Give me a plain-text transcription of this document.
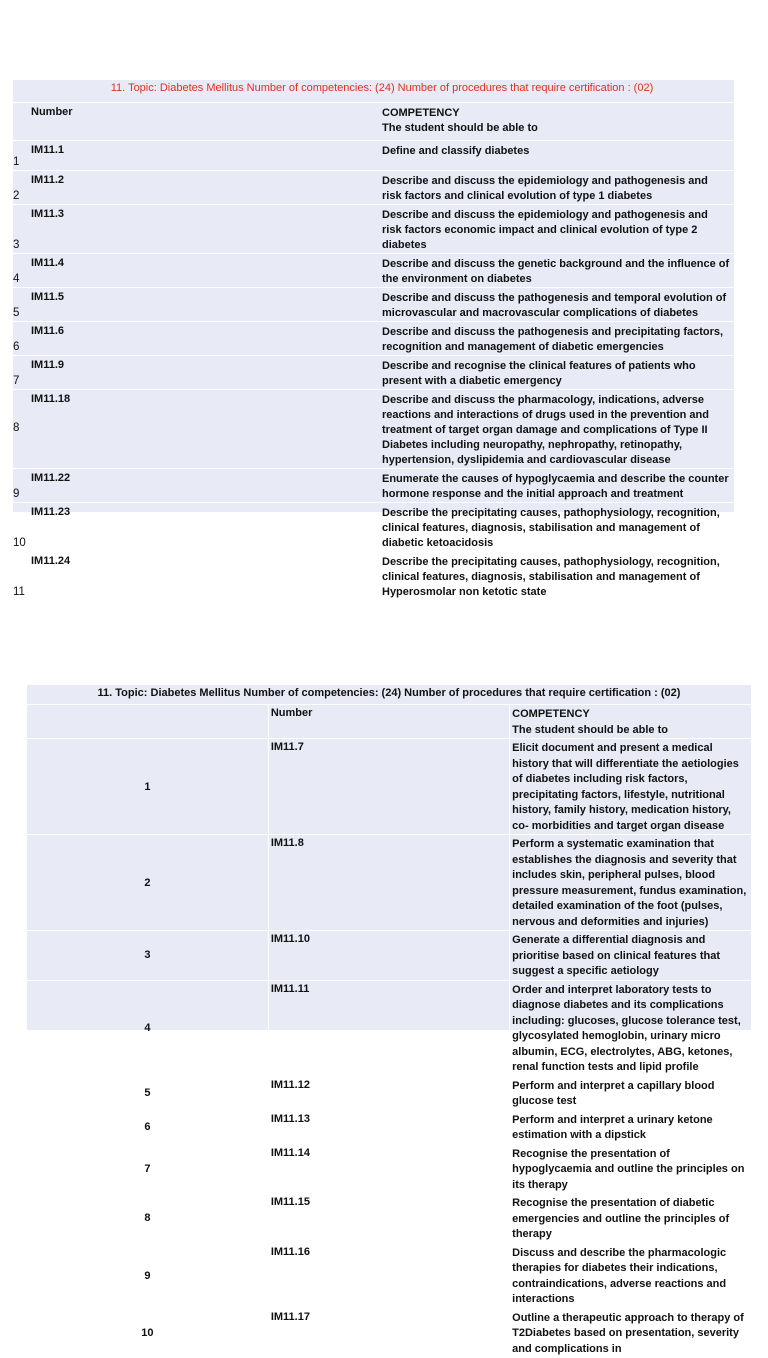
	11. Topic: Diabetes Mellitus Number of competencies: (24) Number of procedures that require certification : (02)	
	Number	COMPETENCY
The student should be able to
1	IM11.1	Define and classify diabetes
2	IM11.2	Describe and discuss the epidemiology and pathogenesis and risk factors and clinical evolution of type 1 diabetes
3	IM11.3	Describe and discuss the epidemiology and pathogenesis and risk factors economic impact and clinical evolution of type 2 diabetes
4	IM11.4	Describe and discuss the genetic background and the influence of the environment on diabetes
5	IM11.5	Describe and discuss the pathogenesis and temporal evolution of microvascular and macrovascular complications of diabetes
6	IM11.6	Describe and discuss the pathogenesis and precipitating factors, recognition and management of diabetic emergencies
7	IM11.9	Describe and recognise the clinical features of patients who present with a diabetic emergency
8	IM11.18	Describe and discuss the pharmacology, indications, adverse reactions and interactions of drugs used in the prevention and treatment of target organ damage and complications of Type II Diabetes including neuropathy, nephropathy, retinopathy, hypertension, dyslipidemia and cardiovascular disease
9	IM11.22	Enumerate the causes of hypoglycaemia and describe the counter hormone response and the initial approach and treatment
10	IM11.23	Describe the precipitating causes, pathophysiology, recognition, clinical features, diagnosis, stabilisation and management of diabetic ketoacidosis
11	IM11.24	Describe the precipitating causes, pathophysiology, recognition, clinical features, diagnosis, stabilisation and management of Hyperosmolar non ketotic state
11. Topic: Diabetes Mellitus Number of competencies: (24) Number of procedures that require certification : (02)		
	Number	COMPETENCY
The student should be able to
1	IM11.7	Elicit document and present a medical history that will differentiate the aetiologies of diabetes including risk factors, precipitating factors, lifestyle, nutritional history, family history, medication history, co- morbidities and target organ disease
2	IM11.8	Perform a systematic examination that establishes the diagnosis and severity that includes skin, peripheral pulses, blood pressure measurement, fundus examination, detailed examination of the foot (pulses, nervous and deformities and injuries)
3	IM11.10	Generate a differential diagnosis and prioritise based on clinical features that suggest a specific aetiology
4	IM11.11	Order and interpret laboratory tests to diagnose diabetes and its complications including: glucoses, glucose tolerance test, glycosylated hemoglobin, urinary micro albumin, ECG, electrolytes, ABG, ketones, renal function tests and lipid profile
5	IM11.12	Perform and interpret a capillary blood glucose test
6	IM11.13	Perform and interpret a urinary ketone estimation with a dipstick
7	IM11.14	Recognise the presentation of hypoglycaemia and outline the principles on its therapy
8	IM11.15	Recognise the presentation of diabetic emergencies and outline the principles of therapy
9	IM11.16	Discuss and describe the pharmacologic therapies for diabetes their indications, contraindications, adverse reactions and interactions
10	IM11.17	Outline a therapeutic approach to therapy of T2Diabetes based on presentation, severity and complications in
